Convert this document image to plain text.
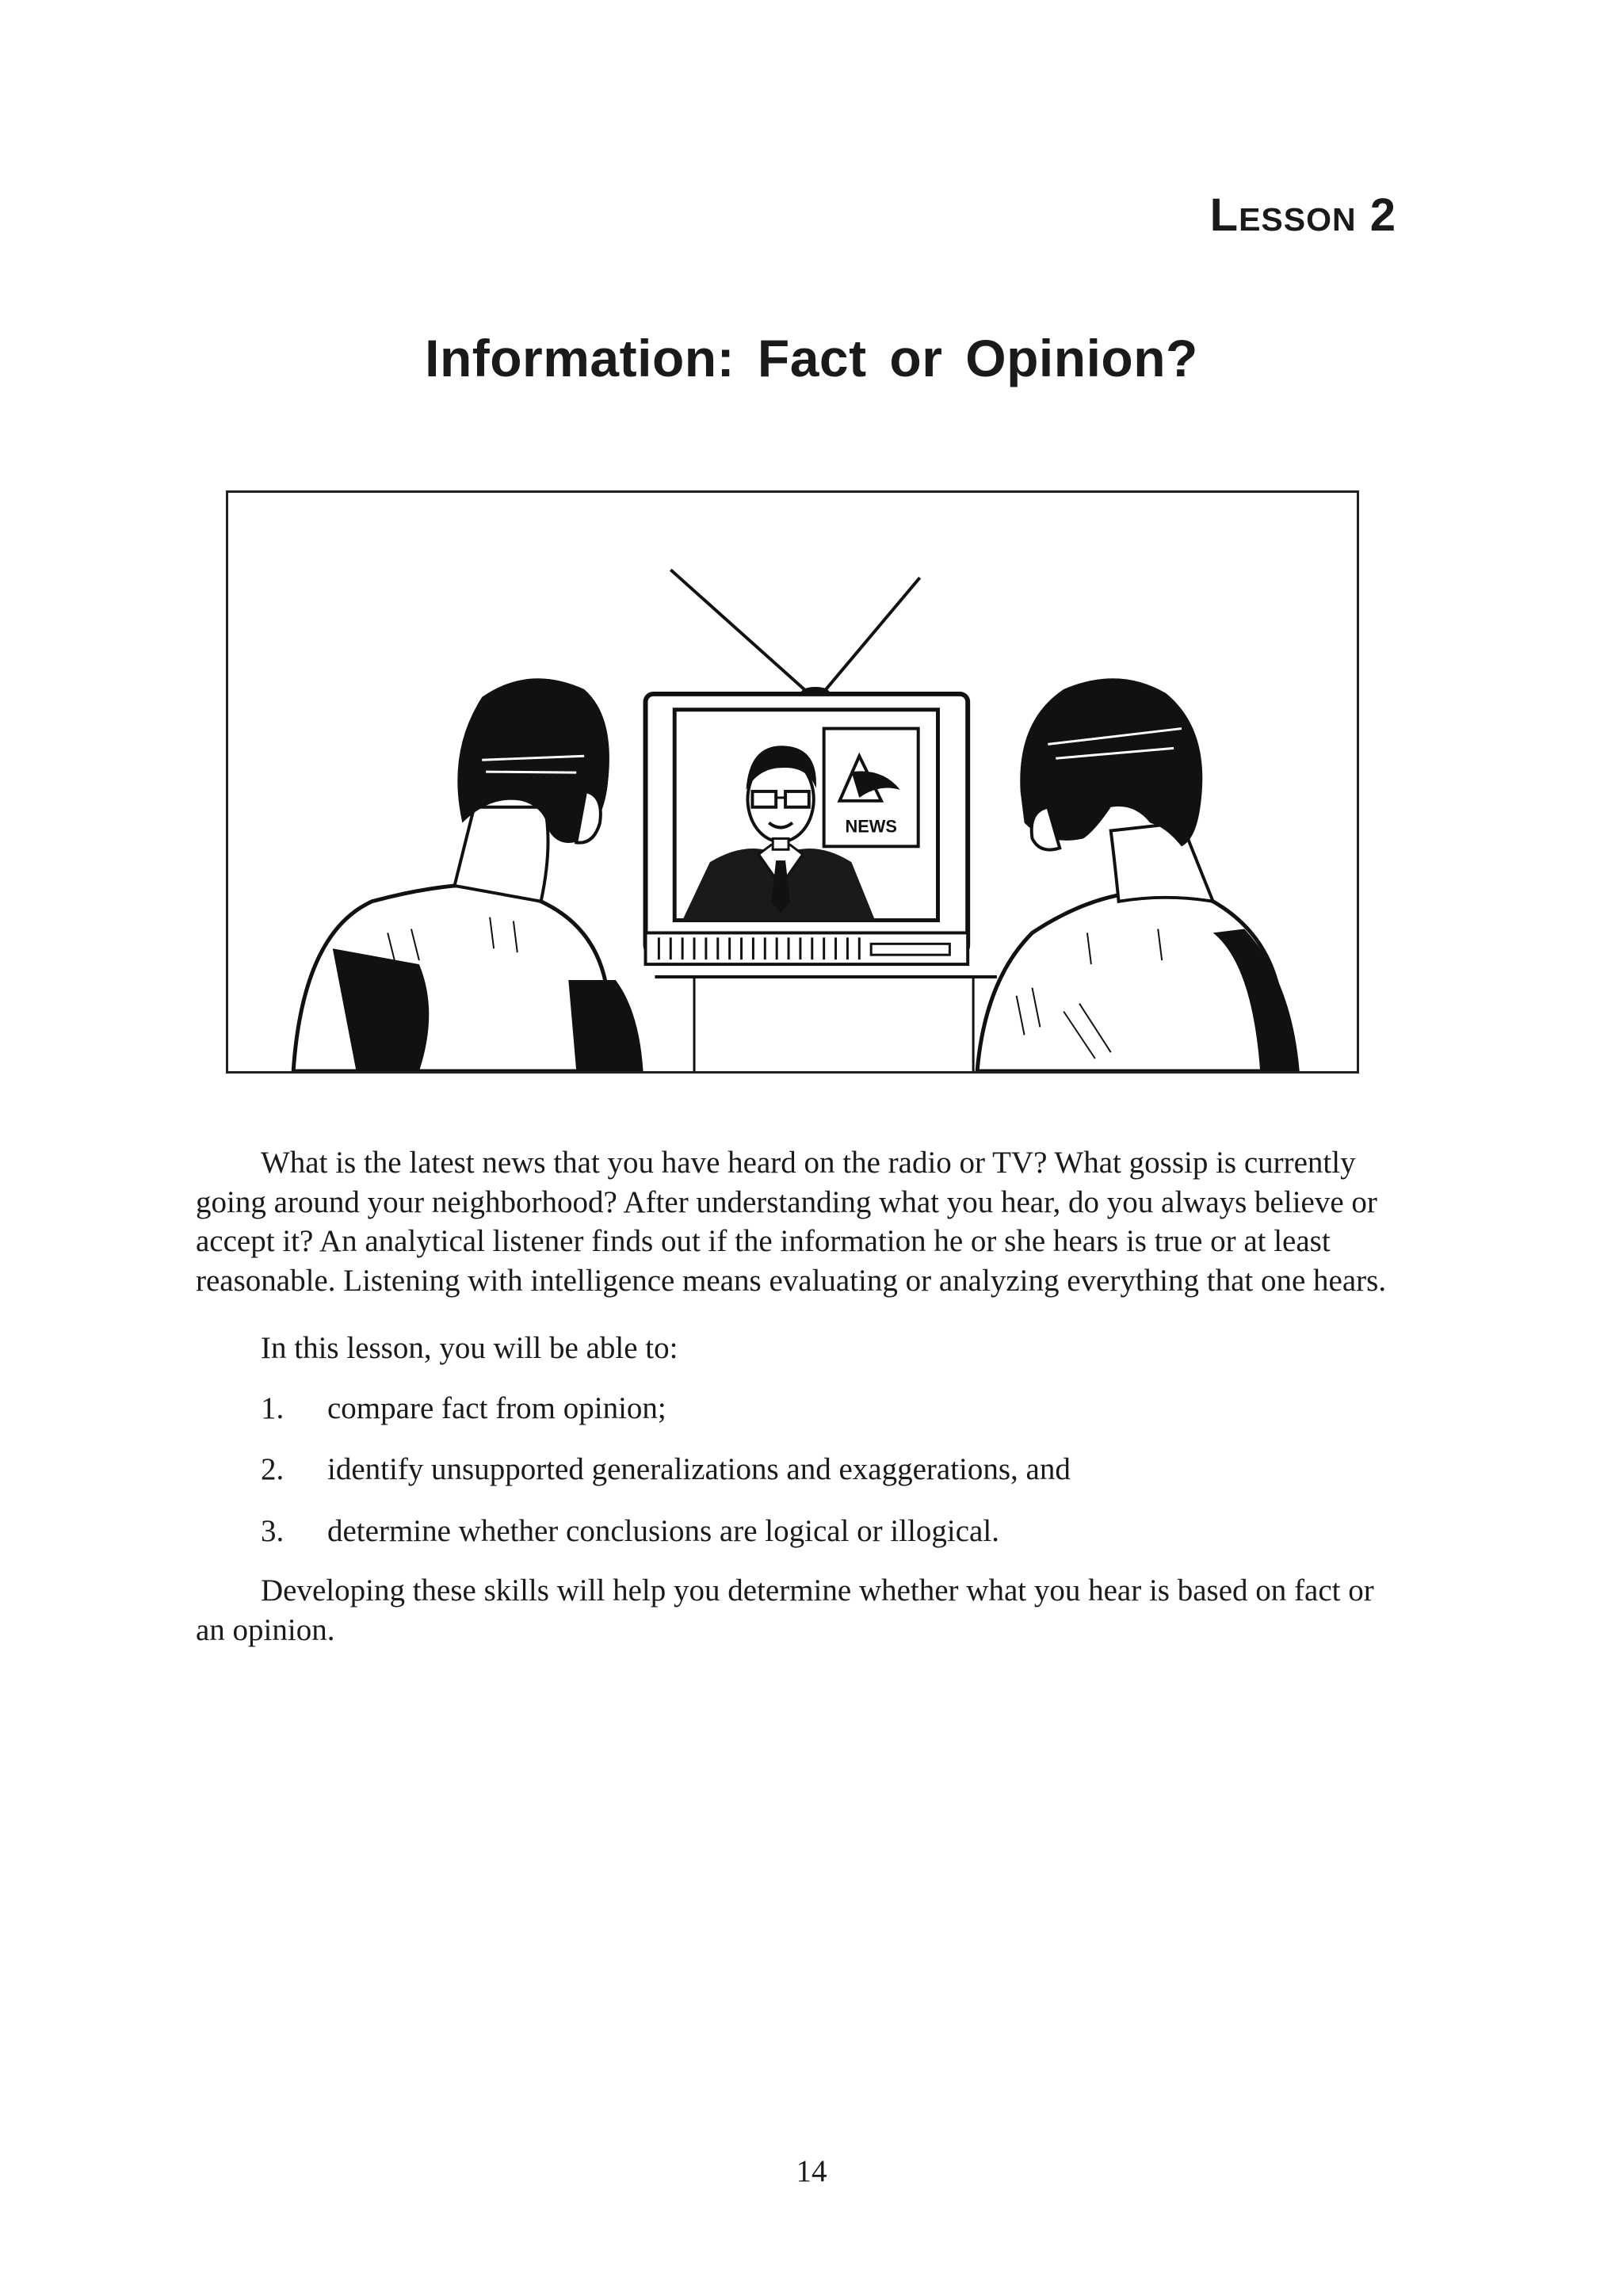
Lesson 2
Information: Fact or Opinion?
NEWS

What is the latest news that you have heard on the radio or TV? What gossip is currently going around your neighborhood? After understanding what you hear, do you always believe or accept it? An analytical listener finds out if the information he or she hears is true or at least reasonable. Listening with intelligence means evaluating or analyzing everything that one hears.

In this lesson, you will be able to:

1. compare fact from opinion;
2. identify unsupported generalizations and exaggerations, and
3. determine whether conclusions are logical or illogical.

Developing these skills will help you determine whether what you hear is based on fact or an opinion.

14
